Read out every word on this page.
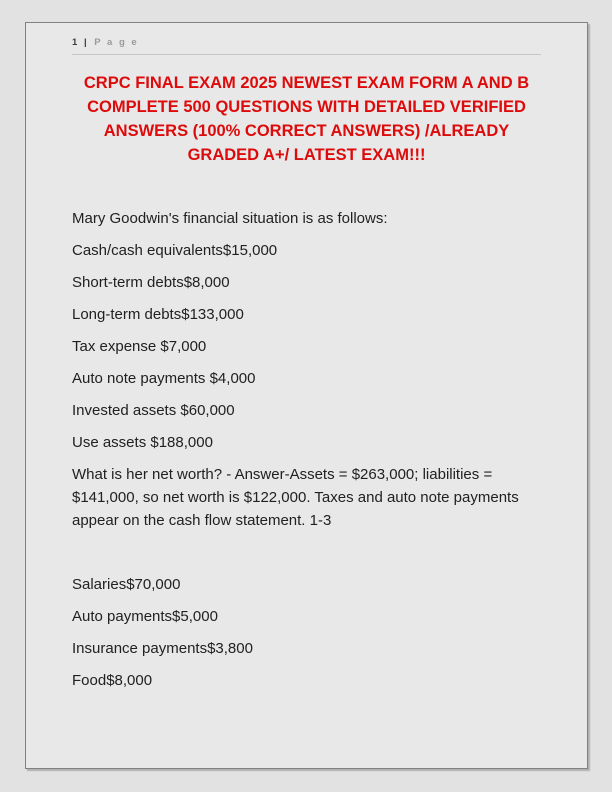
1 | P a g e
CRPC FINAL EXAM 2025 NEWEST EXAM FORM A AND B COMPLETE 500 QUESTIONS WITH DETAILED VERIFIED ANSWERS (100% CORRECT ANSWERS) /ALREADY GRADED A+/ LATEST EXAM!!!

Mary Goodwin's financial situation is as follows:

Cash/cash equivalents$15,000

Short-term debts$8,000

Long-term debts$133,000

Tax expense $7,000

Auto note payments $4,000

Invested assets $60,000

Use assets $188,000

What is her net worth? - Answer-Assets = $263,000; liabilities = $141,000, so net worth is $122,000. Taxes and auto note payments appear on the cash flow statement. 1-3

Salaries$70,000

Auto payments$5,000

Insurance payments$3,800

Food$8,000
